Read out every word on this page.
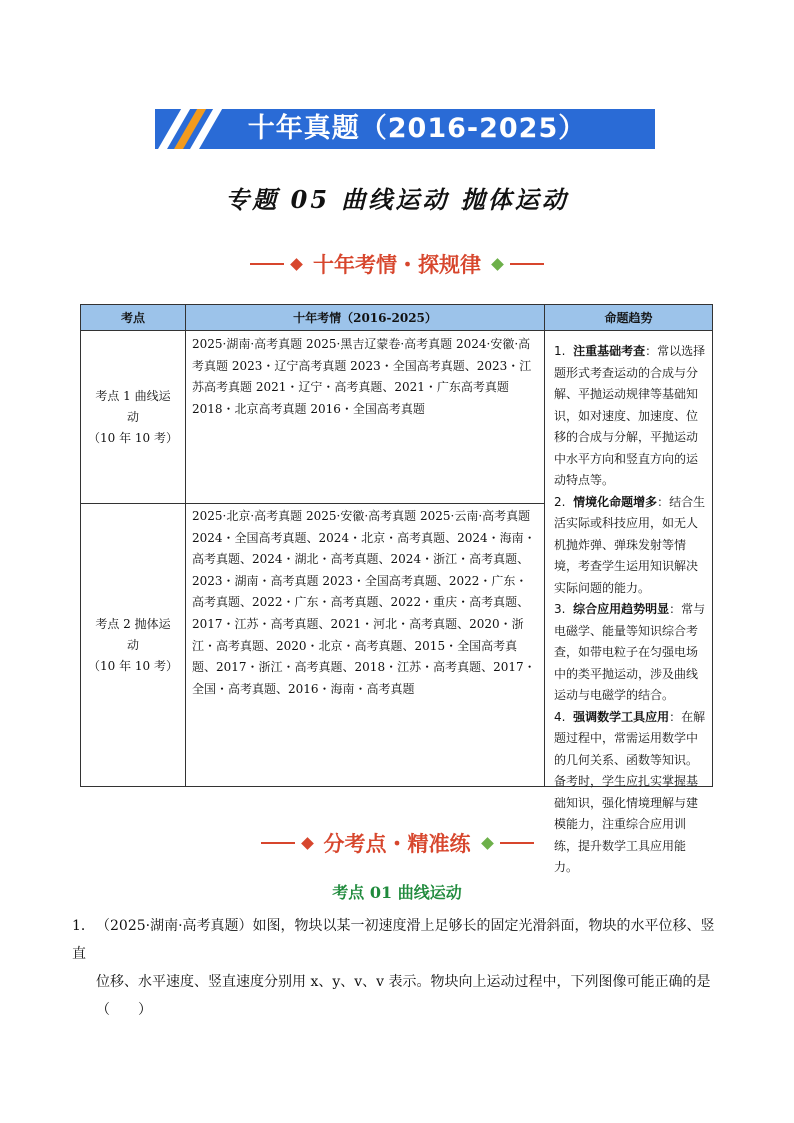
十年真题（2016-2025）
专题 05 曲线运动 抛体运动
十年考情・探规律
考点	十年考情（2016-2025）	命题趋势
考点 1 曲线运
动
（10 年 10 考）
2025·湖南·高考真题 2025·黑吉辽蒙卷·高考真题 2024·安徽·高考真题 2023・辽宁高考真题 2023・全国高考真题、2023・江苏高考真题 2021・辽宁・高考真题、2021・广东高考真题 2018・北京高考真题 2016・全国高考真题
考点 2 抛体运
动
（10 年 10 考）
2025·北京·高考真题 2025·安徽·高考真题 2025·云南·高考真题 2024・全国高考真题、2024・北京・高考真题、2024・海南・高考真题、2024・湖北・高考真题、2024・浙江・高考真题、2023・湖南・高考真题 2023・全国高考真题、2022・广东・高考真题、2022・广东・高考真题、2022・重庆・高考真题、2017・江苏・高考真题、2021・河北・高考真题、2020・浙江・高考真题、2020・北京・高考真题、2015・全国高考真题、2017・浙江・高考真题、2018・江苏・高考真题、2017・全国・高考真题、2016・海南・高考真题
1. 注重基础考查：常以选择题形式考查运动的合成与分解、平抛运动规律等基础知识，如对速度、加速度、位移的合成与分解，平抛运动中水平方向和竖直方向的运动特点等。
2. 情境化命题增多：结合生活实际或科技应用，如无人机抛炸弹、弹珠发射等情境，考查学生运用知识解决实际问题的能力。
3. 综合应用趋势明显：常与电磁学、能量等知识综合考查，如带电粒子在匀强电场中的类平抛运动，涉及曲线运动与电磁学的结合。
4. 强调数学工具应用：在解题过程中，常需运用数学中的几何关系、函数等知识。备考时，学生应扎实掌握基础知识，强化情境理解与建模能力，注重综合应用训练，提升数学工具应用能力。
分考点・精准练
考点 01 曲线运动
1．（2025·湖南·高考真题）如图，物块以某一初速度滑上足够长的固定光滑斜面，物块的水平位移、竖直
位移、水平速度、竖直速度分别用 x、y、v、v 表示。物块向上运动过程中，下列图像可能正确的是
（　　）
